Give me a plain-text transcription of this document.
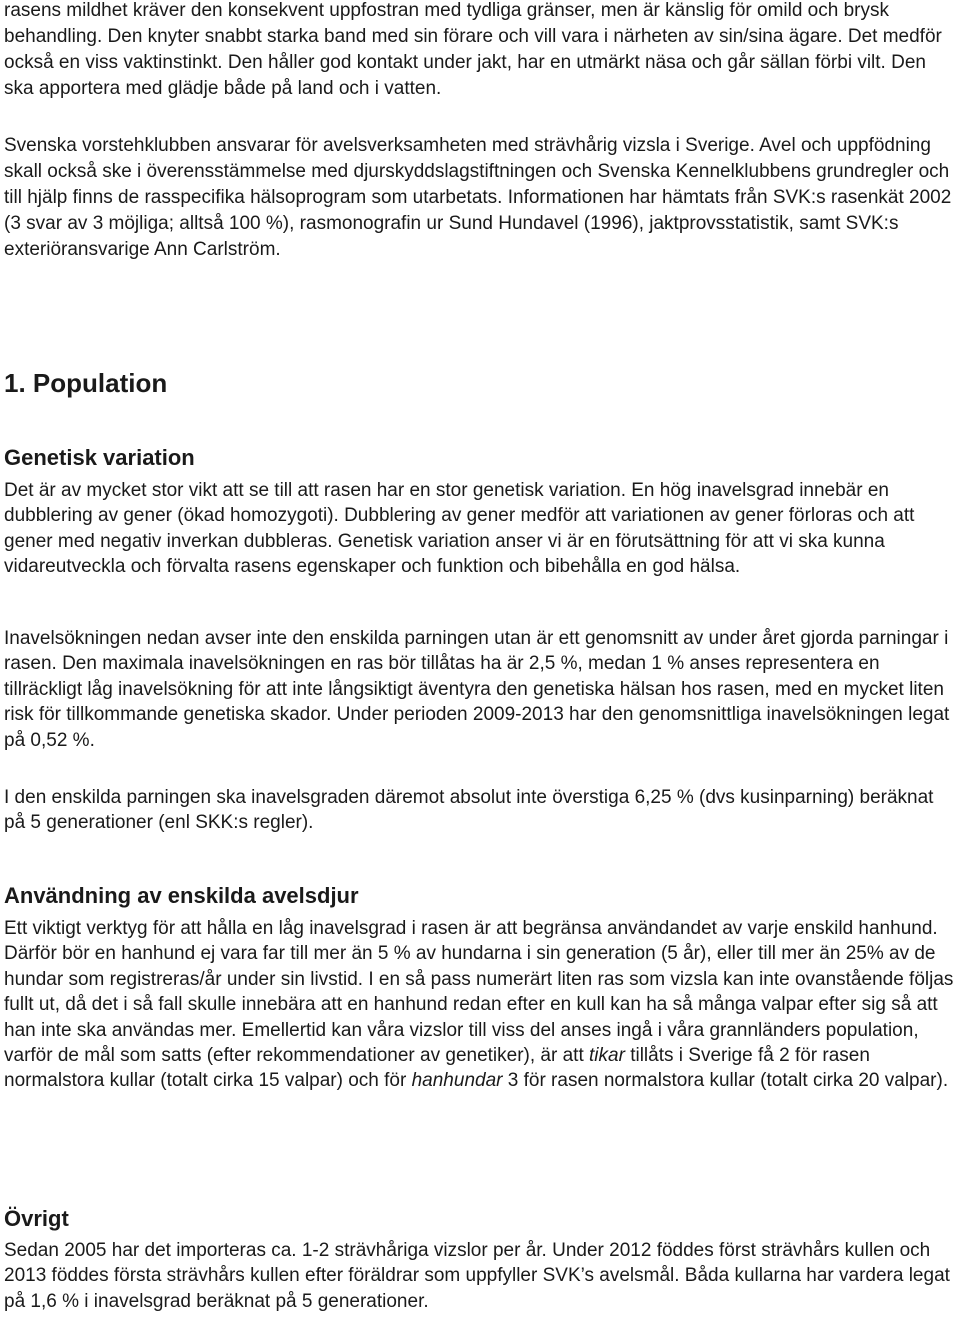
rasens mildhet kräver den konsekvent uppfostran med tydliga gränser, men är känslig för omild och brysk behandling. Den knyter snabbt starka band med sin förare och vill vara i närheten av sin/sina ägare. Det medför också en viss vaktinstinkt. Den håller god kontakt under jakt, har en utmärkt näsa och går sällan förbi vilt. Den ska apportera med glädje både på land och i vatten.

Svenska vorstehklubben ansvarar för avelsverksamheten med strävhårig vizsla i Sverige. Avel och uppfödning skall också ske i överensstämmelse med djurskyddslagstiftningen och Svenska Kennelklubbens grundregler och till hjälp finns de rasspecifika hälsoprogram som utarbetats. Informationen har hämtats från SVK:s rasenkät 2002 (3 svar av 3 möjliga; alltså 100 %), rasmonografin ur Sund Hundavel (1996), jaktprovsstatistik, samt SVK:s exteriöransvarige Ann Carlström.

1. Population
Genetisk variation

Det är av mycket stor vikt att se till att rasen har en stor genetisk variation. En hög inavelsgrad innebär en dubblering av gener (ökad homozygoti). Dubblering av gener medför att variationen av gener förloras och att gener med negativ inverkan dubbleras. Genetisk variation anser vi är en förutsättning för att vi ska kunna vidareutveckla och förvalta rasens egenskaper och funktion och bibehålla en god hälsa.

Inavelsökningen nedan avser inte den enskilda parningen utan är ett genomsnitt av under året gjorda parningar i rasen. Den maximala inavelsökningen en ras bör tillåtas ha är 2,5 %, medan 1 % anses representera en tillräckligt låg inavelsökning för att inte långsiktigt äventyra den genetiska hälsan hos rasen, med en mycket liten risk för tillkommande genetiska skador. Under perioden 2009-2013 har den genomsnittliga inavelsökningen legat på 0,52 %.

I den enskilda parningen ska inavelsgraden däremot absolut inte överstiga 6,25 % (dvs kusinparning) beräknat på 5 generationer (enl SKK:s regler).

Användning av enskilda avelsdjur

Ett viktigt verktyg för att hålla en låg inavelsgrad i rasen är att begränsa användandet av varje enskild hanhund. Därför bör en hanhund ej vara far till mer än 5 % av hundarna i sin generation (5 år), eller till mer än 25% av de hundar som registreras/år under sin livstid. I en så pass numerärt liten ras som vizsla kan inte ovanstående följas fullt ut, då det i så fall skulle innebära att en hanhund redan efter en kull kan ha så många valpar efter sig så att han inte ska användas mer. Emellertid kan våra vizslor till viss del anses ingå i våra grannländers population, varför de mål som satts (efter rekommendationer av genetiker), är att tikar tillåts i Sverige få 2 för rasen normalstora kullar (totalt cirka 15 valpar) och för hanhundar 3 för rasen normalstora kullar (totalt cirka 20 valpar).

Övrigt

Sedan 2005 har det importeras ca. 1-2 strävhåriga vizslor per år. Under 2012 föddes först strävhårs kullen och 2013 föddes första strävhårs kullen efter föräldrar som uppfyller SVK’s avelsmål. Båda kullarna har vardera legat på 1,6 % i inavelsgrad beräknat på 5 generationer.
